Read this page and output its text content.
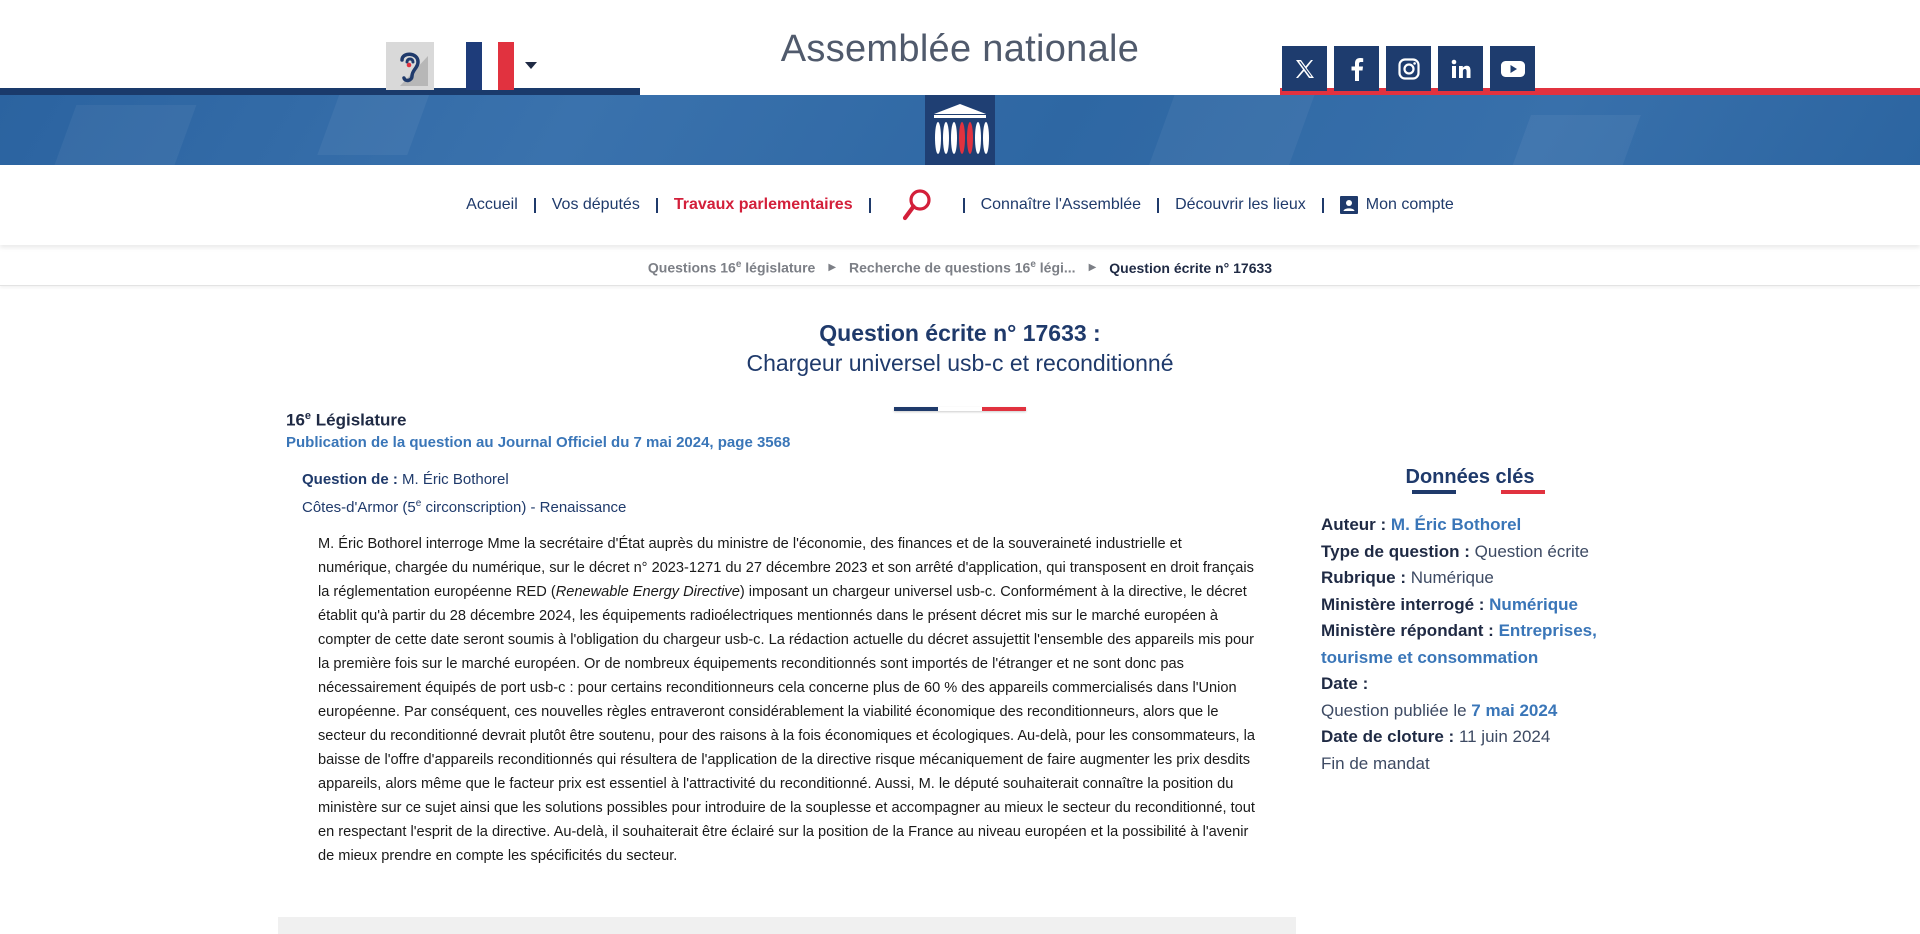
Assemblée nationale
Accueil Vos députés Travaux parlementaires	Connaître l'Assemblée Découvrir les lieux	Mon compte
Questions 16e législature ▶ Recherche de questions 16e légi... ▶ Question écrite n° 17633
Question écrite n° 17633 :
Chargeur universel usb-c et reconditionné
16e Législature
Publication de la question au Journal Officiel du 7 mai 2024, page 3568
Question de : M. Éric Bothorel
Côtes-d'Armor (5e circonscription) - Renaissance
M. Éric Bothorel interroge Mme la secrétaire d'État auprès du ministre de l'économie, des finances et de la souveraineté industrielle et numérique, chargée du numérique, sur le décret n° 2023-1271 du 27 décembre 2023 et son arrêté d'application, qui transposent en droit français la réglementation européenne RED (Renewable Energy Directive) imposant un chargeur universel usb-c. Conformément à la directive, le décret établit qu'à partir du 28 décembre 2024, les équipements radioélectriques mentionnés dans le présent décret mis sur le marché européen à compter de cette date seront soumis à l'obligation du chargeur usb-c. La rédaction actuelle du décret assujettit l'ensemble des appareils mis pour la première fois sur le marché européen. Or de nombreux équipements reconditionnés sont importés de l'étranger et ne sont donc pas nécessairement équipés de port usb-c : pour certains reconditionneurs cela concerne plus de 60 % des appareils commercialisés dans l'Union européenne. Par conséquent, ces nouvelles règles entraveront considérablement la viabilité économique des reconditionneurs, alors que le secteur du reconditionné devrait plutôt être soutenu, pour des raisons à la fois économiques et écologiques. Au-delà, pour les consommateurs, la baisse de l'offre d'appareils reconditionnés qui résultera de l'application de la directive risque mécaniquement de faire augmenter les prix desdits appareils, alors même que le facteur prix est essentiel à l'attractivité du reconditionné. Aussi, M. le député souhaiterait connaître la position du ministère sur ce sujet ainsi que les solutions possibles pour introduire de la souplesse et accompagner au mieux le secteur du reconditionné, tout en respectant l'esprit de la directive. Au-delà, il souhaiterait être éclairé sur la position de la France au niveau européen et la possibilité à l'avenir de mieux prendre en compte les spécificités du secteur.
Données clés
Auteur : M. Éric Bothorel
Type de question : Question écrite
Rubrique : Numérique
Ministère interrogé : Numérique
Ministère répondant : Entreprises, tourisme et consommation
Date :
Question publiée le 7 mai 2024
Date de cloture : 11 juin 2024
Fin de mandat
